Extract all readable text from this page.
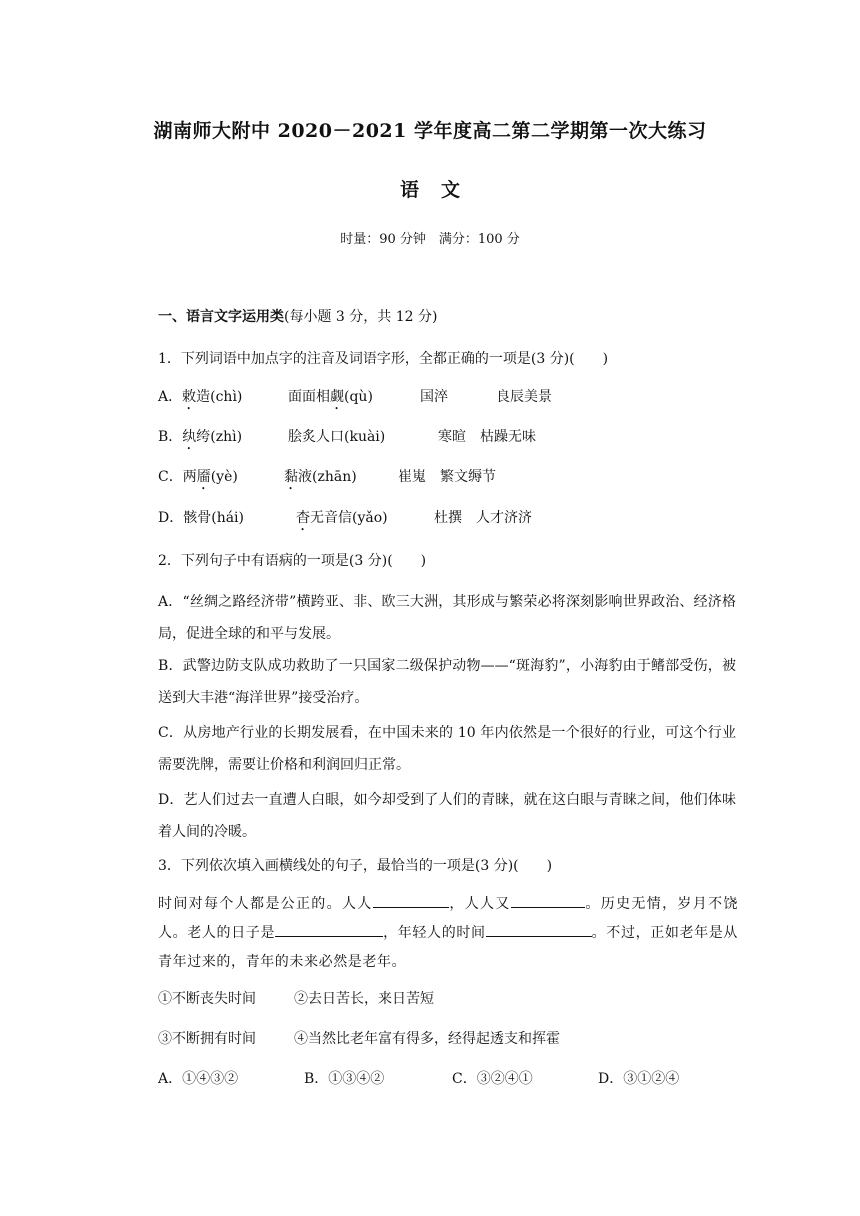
湖南师大附中 2020－2021 学年度高二第二学期第一次大练习
语文
时量：90 分钟　满分：100 分
一、语言文字运用类(每小题 3 分，共 12 分)
1．下列词语中加点字的注音及词语字形，全都正确的一项是(3 分)(　　)
A．敕造(chì)	面面相觑(qù)	国淬	良辰美景
B．纨绔(zhì)	脍炙人口(kuài)	寒暄　枯躁无味
C．两靥(yè)	黏液(zhān)	崔嵬　繁文缛节
D．骸骨(hái)	杳无音信(yǎo)	杜撰　人才济济
2．下列句子中有语病的一项是(3 分)(　　)
A．“丝绸之路经济带”横跨亚、非、欧三大洲，其形成与繁荣必将深刻影响世界政治、经济格局，促进全球的和平与发展。
B．武警边防支队成功救助了一只国家二级保护动物——“斑海豹”，小海豹由于鳍部受伤，被送到大丰港“海洋世界”接受治疗。
C．从房地产行业的长期发展看，在中国未来的 10 年内依然是一个很好的行业，可这个行业需要洗牌，需要让价格和利润回归正常。
D．艺人们过去一直遭人白眼，如今却受到了人们的青睐，就在这白眼与青睐之间，他们体味着人间的冷暖。
3．下列依次填入画横线处的句子，最恰当的一项是(3 分)(　　)
时间对每个人都是公正的。人人	，人人又	。历史无情，岁月不饶人。老人的日子是	，年轻人的时间	。不过，正如老年是从青年过来的，青年的未来必然是老年。
①不断丧失时间	②去日苦长，来日苦短
③不断拥有时间	④当然比老年富有得多，经得起透支和挥霍
A．①④③②	B．①③④②	C．③②④①	D．③①②④
